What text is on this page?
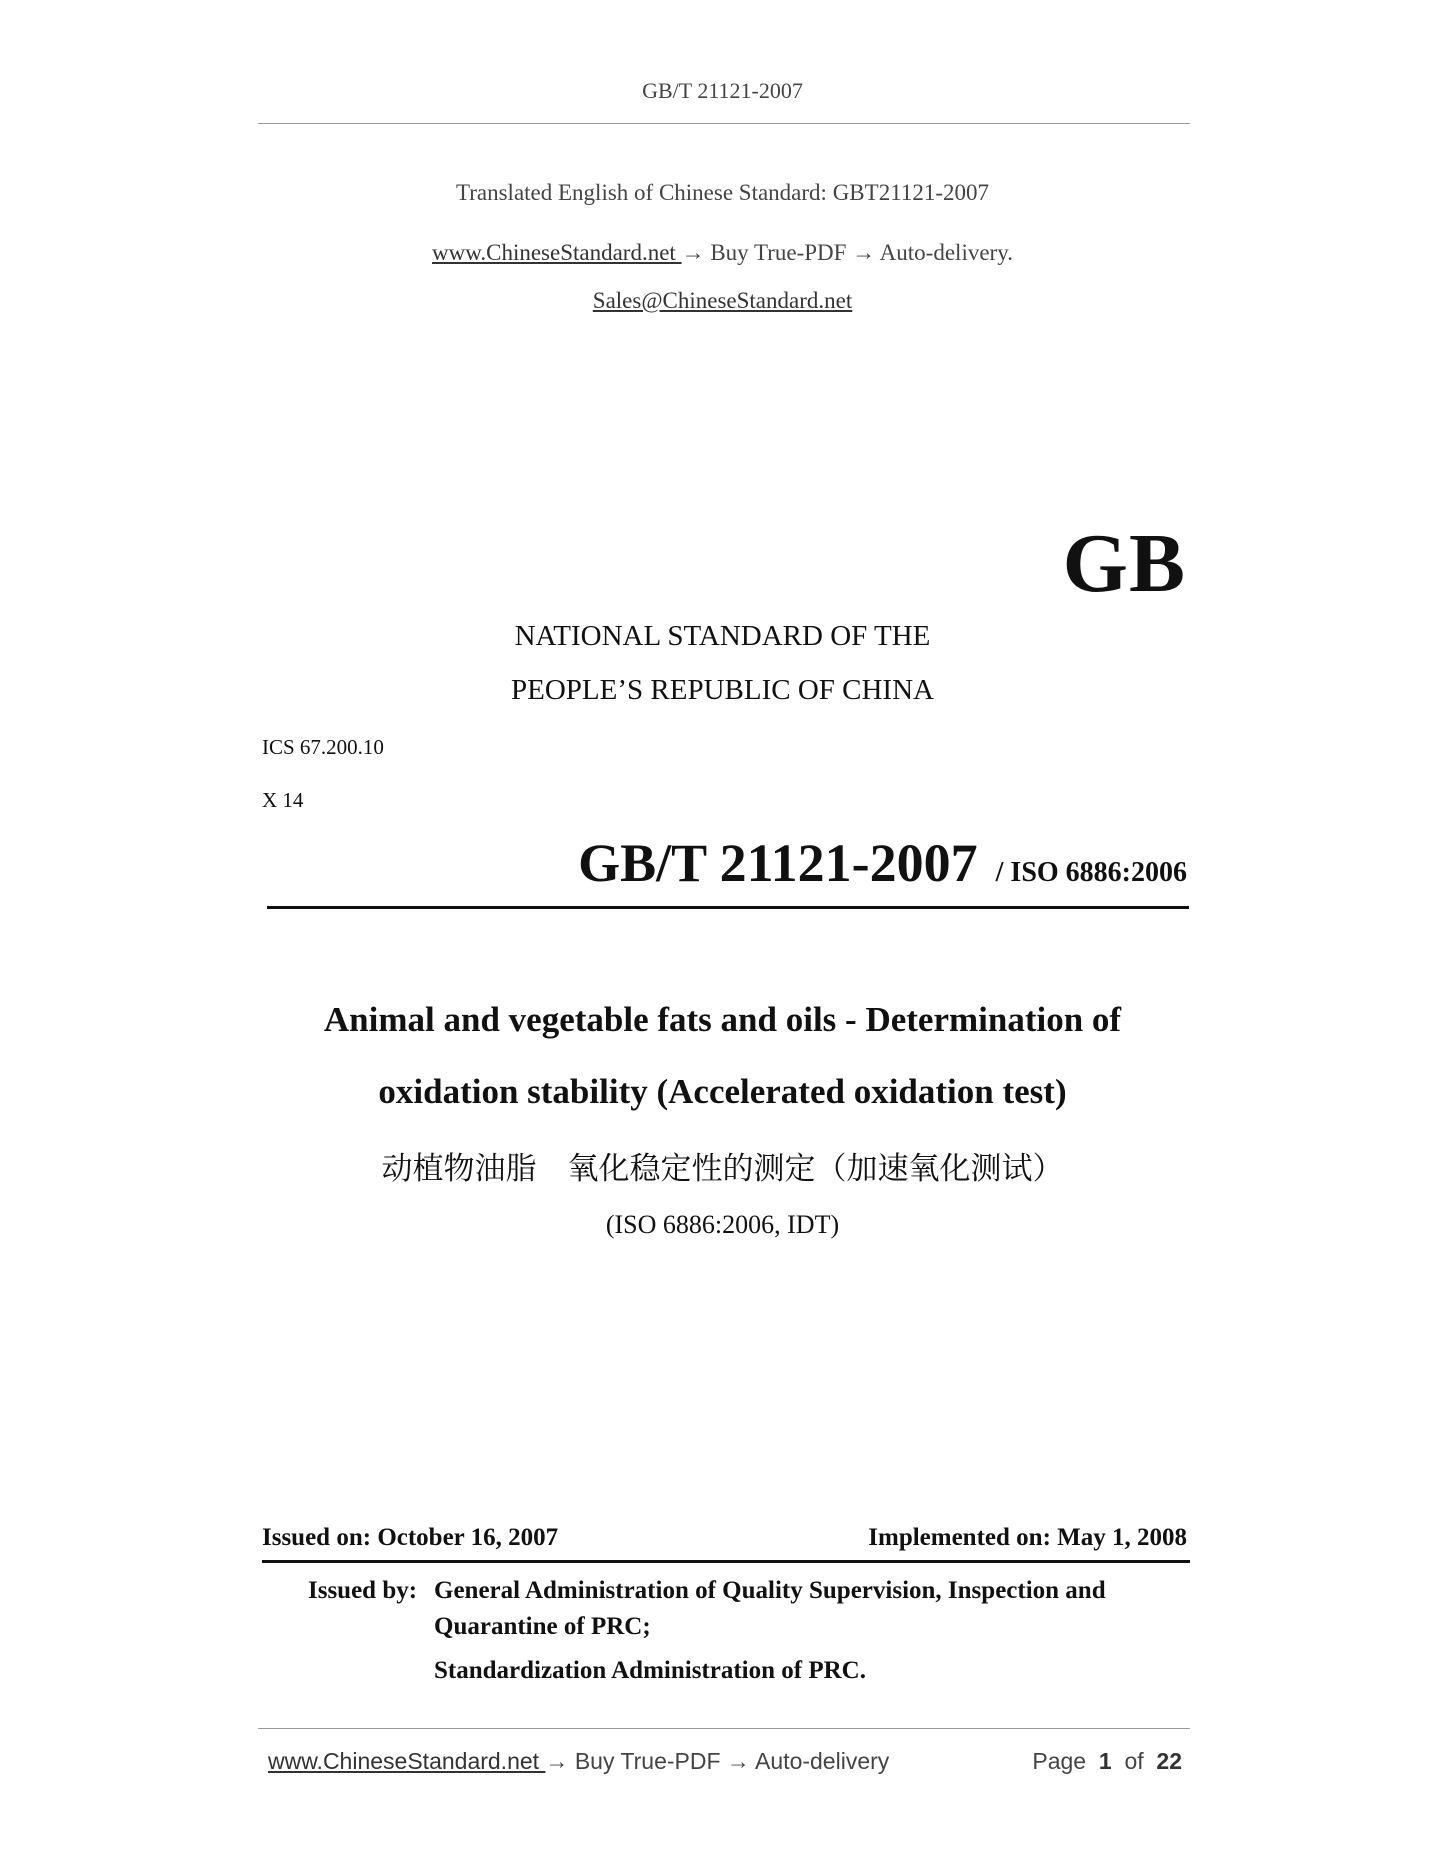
GB/T 21121-2007
Translated English of Chinese Standard: GBT21121-2007
www.ChineseStandard.net → Buy True-PDF → Auto-delivery.
Sales@ChineseStandard.net
GB
NATIONAL STANDARD OF THE
PEOPLE’S REPUBLIC OF CHINA
ICS 67.200.10
X 14
GB/T 21121-2007 / ISO 6886:2006
Animal and vegetable fats and oils - Determination of
oxidation stability (Accelerated oxidation test)
动植物油脂　氧化稳定性的测定（加速氧化测试）
(ISO 6886:2006, IDT)
Issued on: October 16, 2007	Implemented on: May 1, 2008
Issued by: General Administration of Quality Supervision, Inspection and
Quarantine of PRC;
Standardization Administration of PRC.
www.ChineseStandard.net → Buy True-PDF → Auto-delivery	Page 1 of 22
